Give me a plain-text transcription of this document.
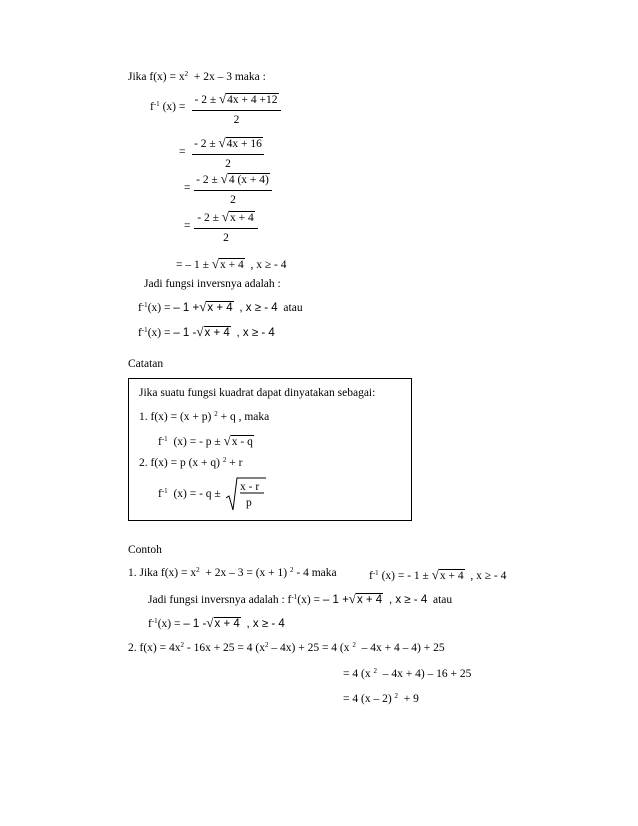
Jika $f(x) = x^2 + 2x - 3$ maka :
$f^{-1}$ $(x) = \frac{- 2 \pm √4x + 4 +12}{2}$
= $\frac{- 2 \pm √4x + 16}{2}$
= $\frac{- 2 \pm √4 (x + 4)}{2}$
= $\frac{- 2 \pm √x + 4}{2}$
= – 1 ± √x + 4 , x ≥ - 4
Jadi fungsi inversnya adalah :
$f^{-1}(x)$ = – 1 +√x + 4 , x ≥ - 4 atau
$f^{-1}(x)$ = – 1 -√x + 4 , x ≥ - 4
Catatan
Jika suatu fungsi kuadrat dapat dinyatakan sebagai:
1. f(x) = (x + p) $^2$ + q , maka
$f^{-1}$ (x) = - p ± √x - q
2. f(x) = p (x + q) $^2$ + r
$f^{-1}$ (x) = - q ±
x - r
p
Contoh
1. Jika $f(x) = x^2 + 2x - 3 = (x + 1)$ $^2$ - 4 maka	$f^{-1}$ (x) = - 1 ± √x + 4 , x ≥ - 4
Jadi fungsi inversnya adalah : $f^{-1}(x)$ = – 1 +√x + 4 , x ≥ - 4 atau
$f^{-1}(x)$ = – 1 -√x + 4 , x ≥ - 4
2. $f(x) = 4x^2 - 16x + 25 = 4$ $(x^2 - 4x) + 25 = 4$ (x $^2$ – 4x + 4 – 4) + 25
= 4 (x $^2$ – 4x + 4) – 16 + 25
= 4 (x – 2) $^2$ + 9
